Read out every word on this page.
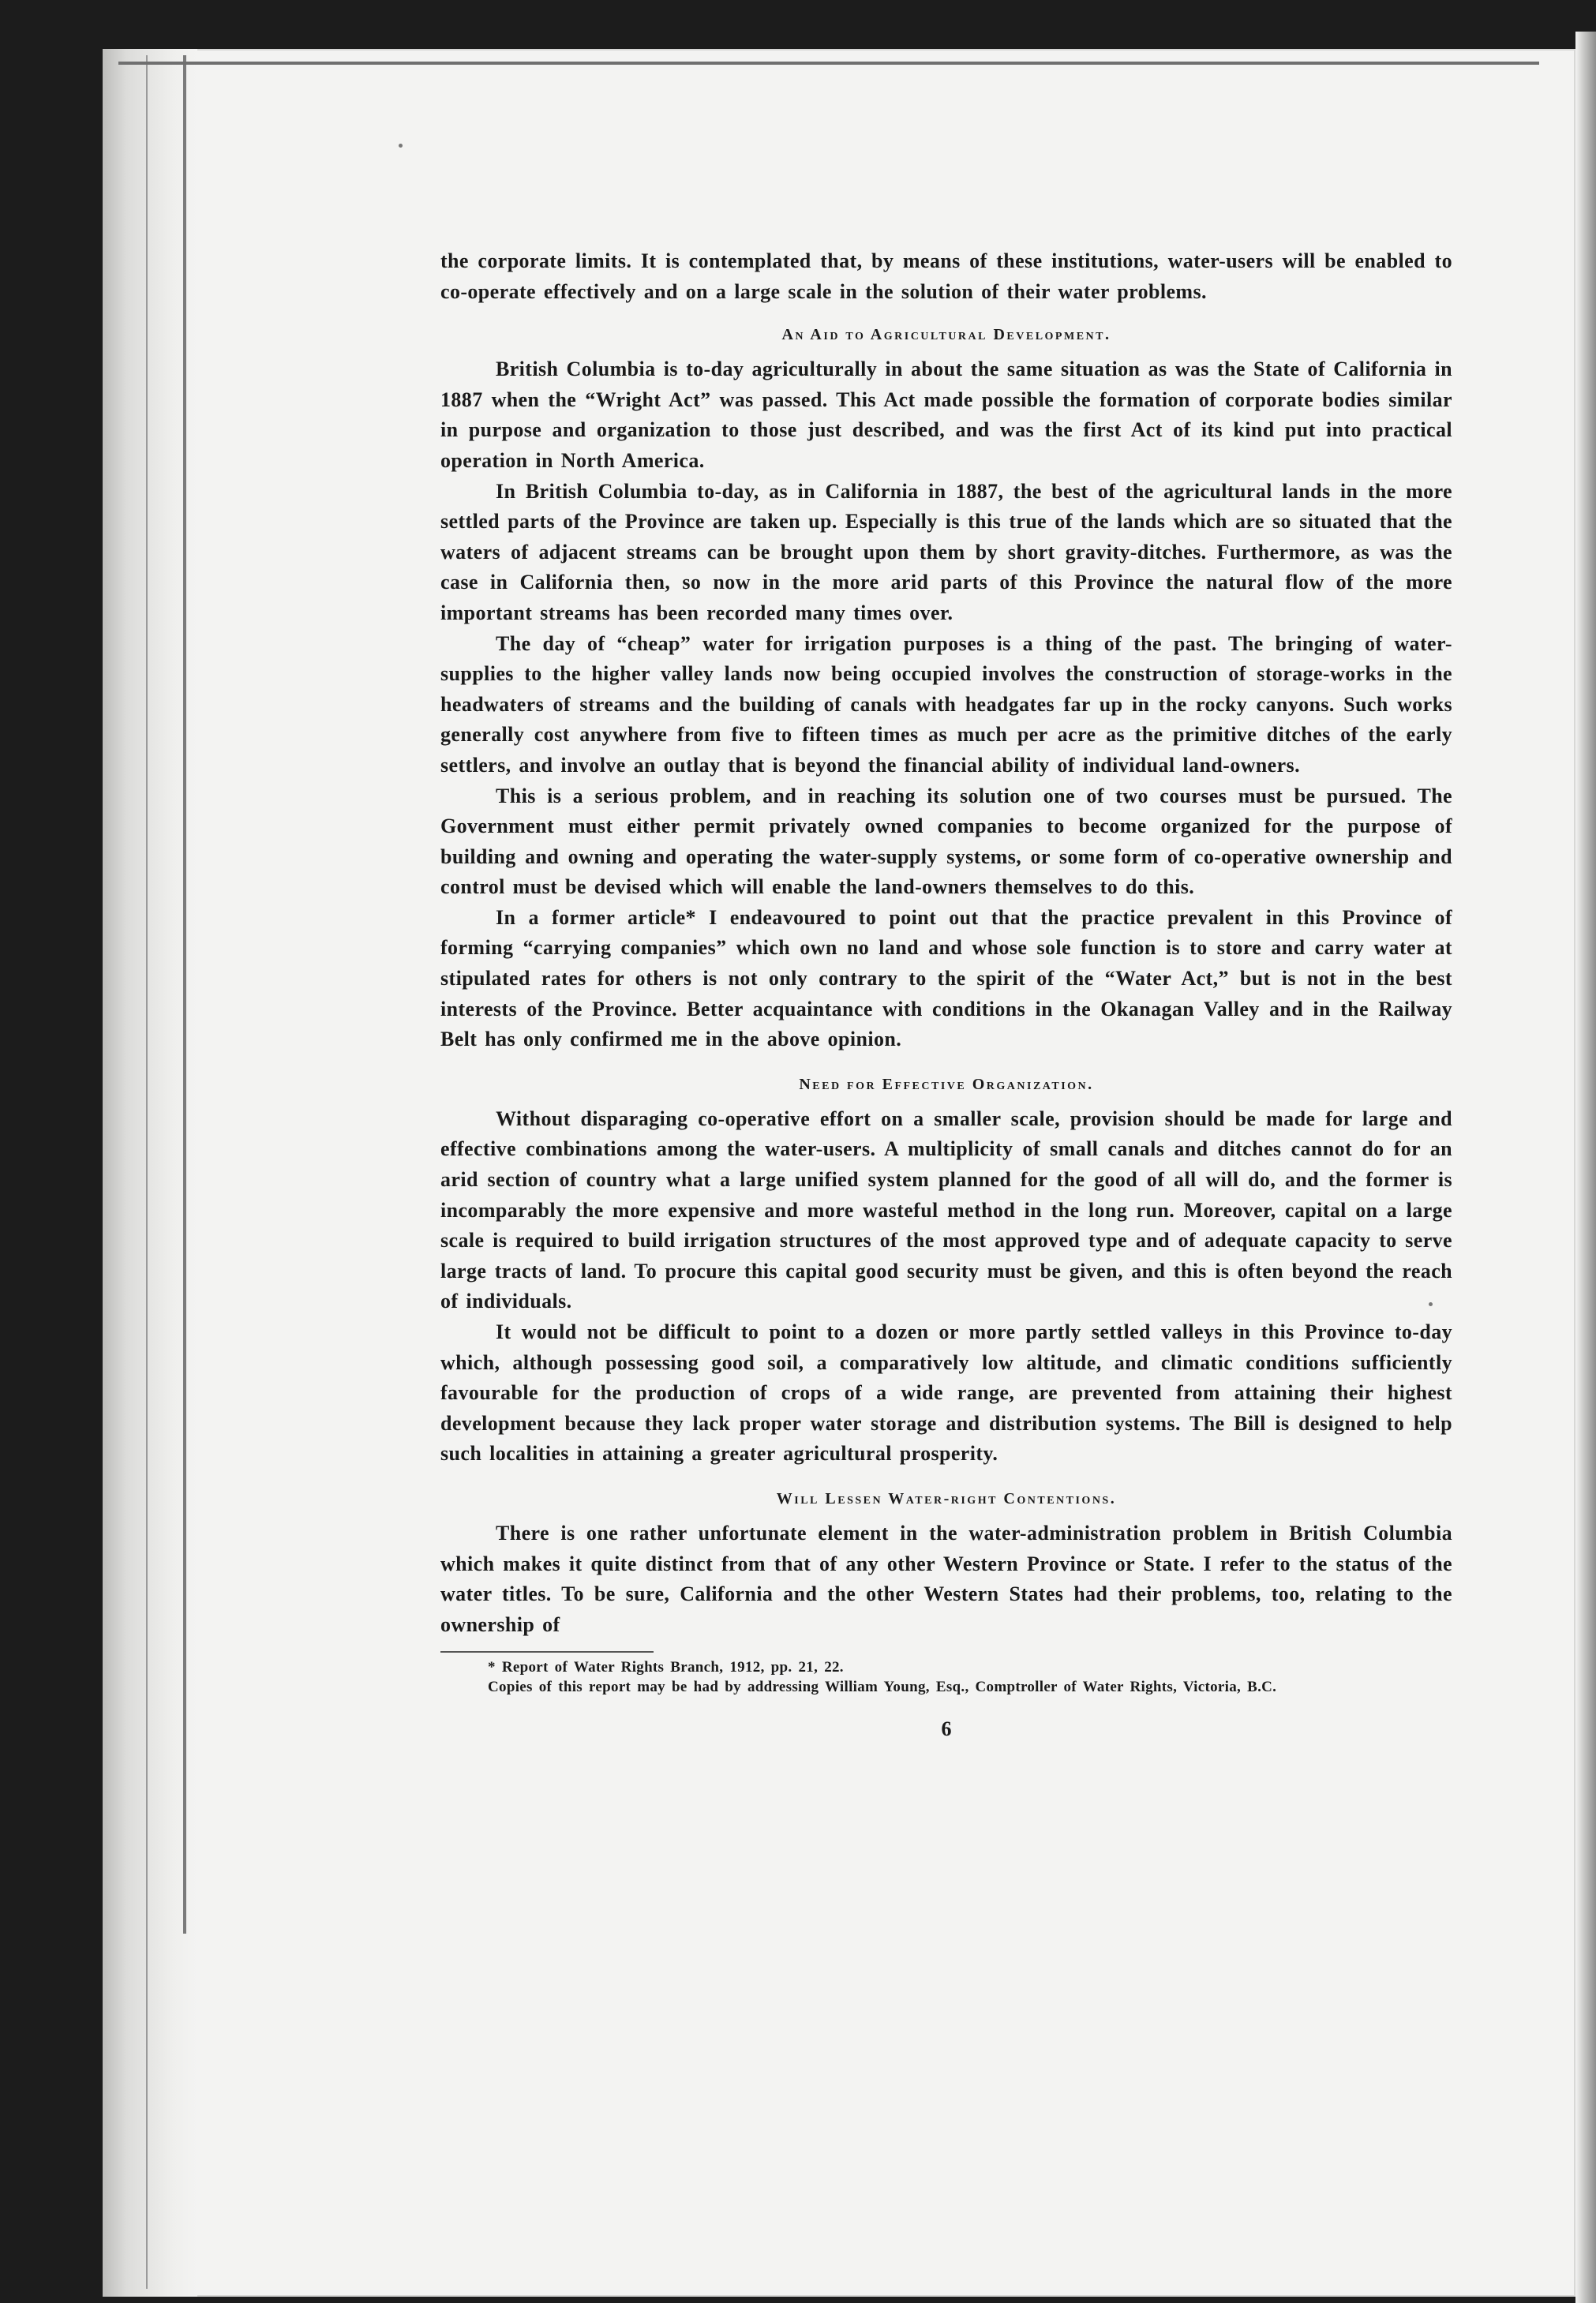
the corporate limits. It is contemplated that, by means of these institutions, water-users will be enabled to co-operate effectively and on a large scale in the solution of their water problems.

An Aid to Agricultural Development.

British Columbia is to-day agriculturally in about the same situation as was the State of California in 1887 when the “Wright Act” was passed. This Act made possible the formation of corporate bodies similar in purpose and organization to those just described, and was the first Act of its kind put into practical operation in North America.

In British Columbia to-day, as in California in 1887, the best of the agricultural lands in the more settled parts of the Province are taken up. Especially is this true of the lands which are so situated that the waters of adjacent streams can be brought upon them by short gravity-ditches. Furthermore, as was the case in California then, so now in the more arid parts of this Province the natural flow of the more important streams has been recorded many times over.

The day of “cheap” water for irrigation purposes is a thing of the past. The bringing of water-supplies to the higher valley lands now being occupied involves the construction of storage-works in the headwaters of streams and the building of canals with headgates far up in the rocky canyons. Such works generally cost anywhere from five to fifteen times as much per acre as the primitive ditches of the early settlers, and involve an outlay that is beyond the financial ability of individual land-owners.

This is a serious problem, and in reaching its solution one of two courses must be pursued. The Government must either permit privately owned companies to become organized for the purpose of building and owning and operating the water-supply systems, or some form of co-operative ownership and control must be devised which will enable the land-owners themselves to do this.

In a former article* I endeavoured to point out that the practice prevalent in this Province of forming “carrying companies” which own no land and whose sole function is to store and carry water at stipulated rates for others is not only contrary to the spirit of the “Water Act,” but is not in the best interests of the Province. Better acquaintance with conditions in the Okanagan Valley and in the Railway Belt has only confirmed me in the above opinion.

Need for Effective Organization.

Without disparaging co-operative effort on a smaller scale, provision should be made for large and effective combinations among the water-users. A multiplicity of small canals and ditches cannot do for an arid section of country what a large unified system planned for the good of all will do, and the former is incomparably the more expensive and more wasteful method in the long run. Moreover, capital on a large scale is required to build irrigation structures of the most approved type and of adequate capacity to serve large tracts of land. To procure this capital good security must be given, and this is often beyond the reach of individuals.

It would not be difficult to point to a dozen or more partly settled valleys in this Province to-day which, although possessing good soil, a comparatively low altitude, and climatic conditions sufficiently favourable for the production of crops of a wide range, are prevented from attaining their highest development because they lack proper water storage and distribution systems. The Bill is designed to help such localities in attaining a greater agricultural prosperity.

Will Lessen Water-right Contentions.

There is one rather unfortunate element in the water-administration problem in British Columbia which makes it quite distinct from that of any other Western Province or State. I refer to the status of the water titles. To be sure, California and the other Western States had their problems, too, relating to the ownership of

* Report of Water Rights Branch, 1912, pp. 21, 22.

Copies of this report may be had by addressing William Young, Esq., Comptroller of Water Rights, Victoria, B.C.

6
